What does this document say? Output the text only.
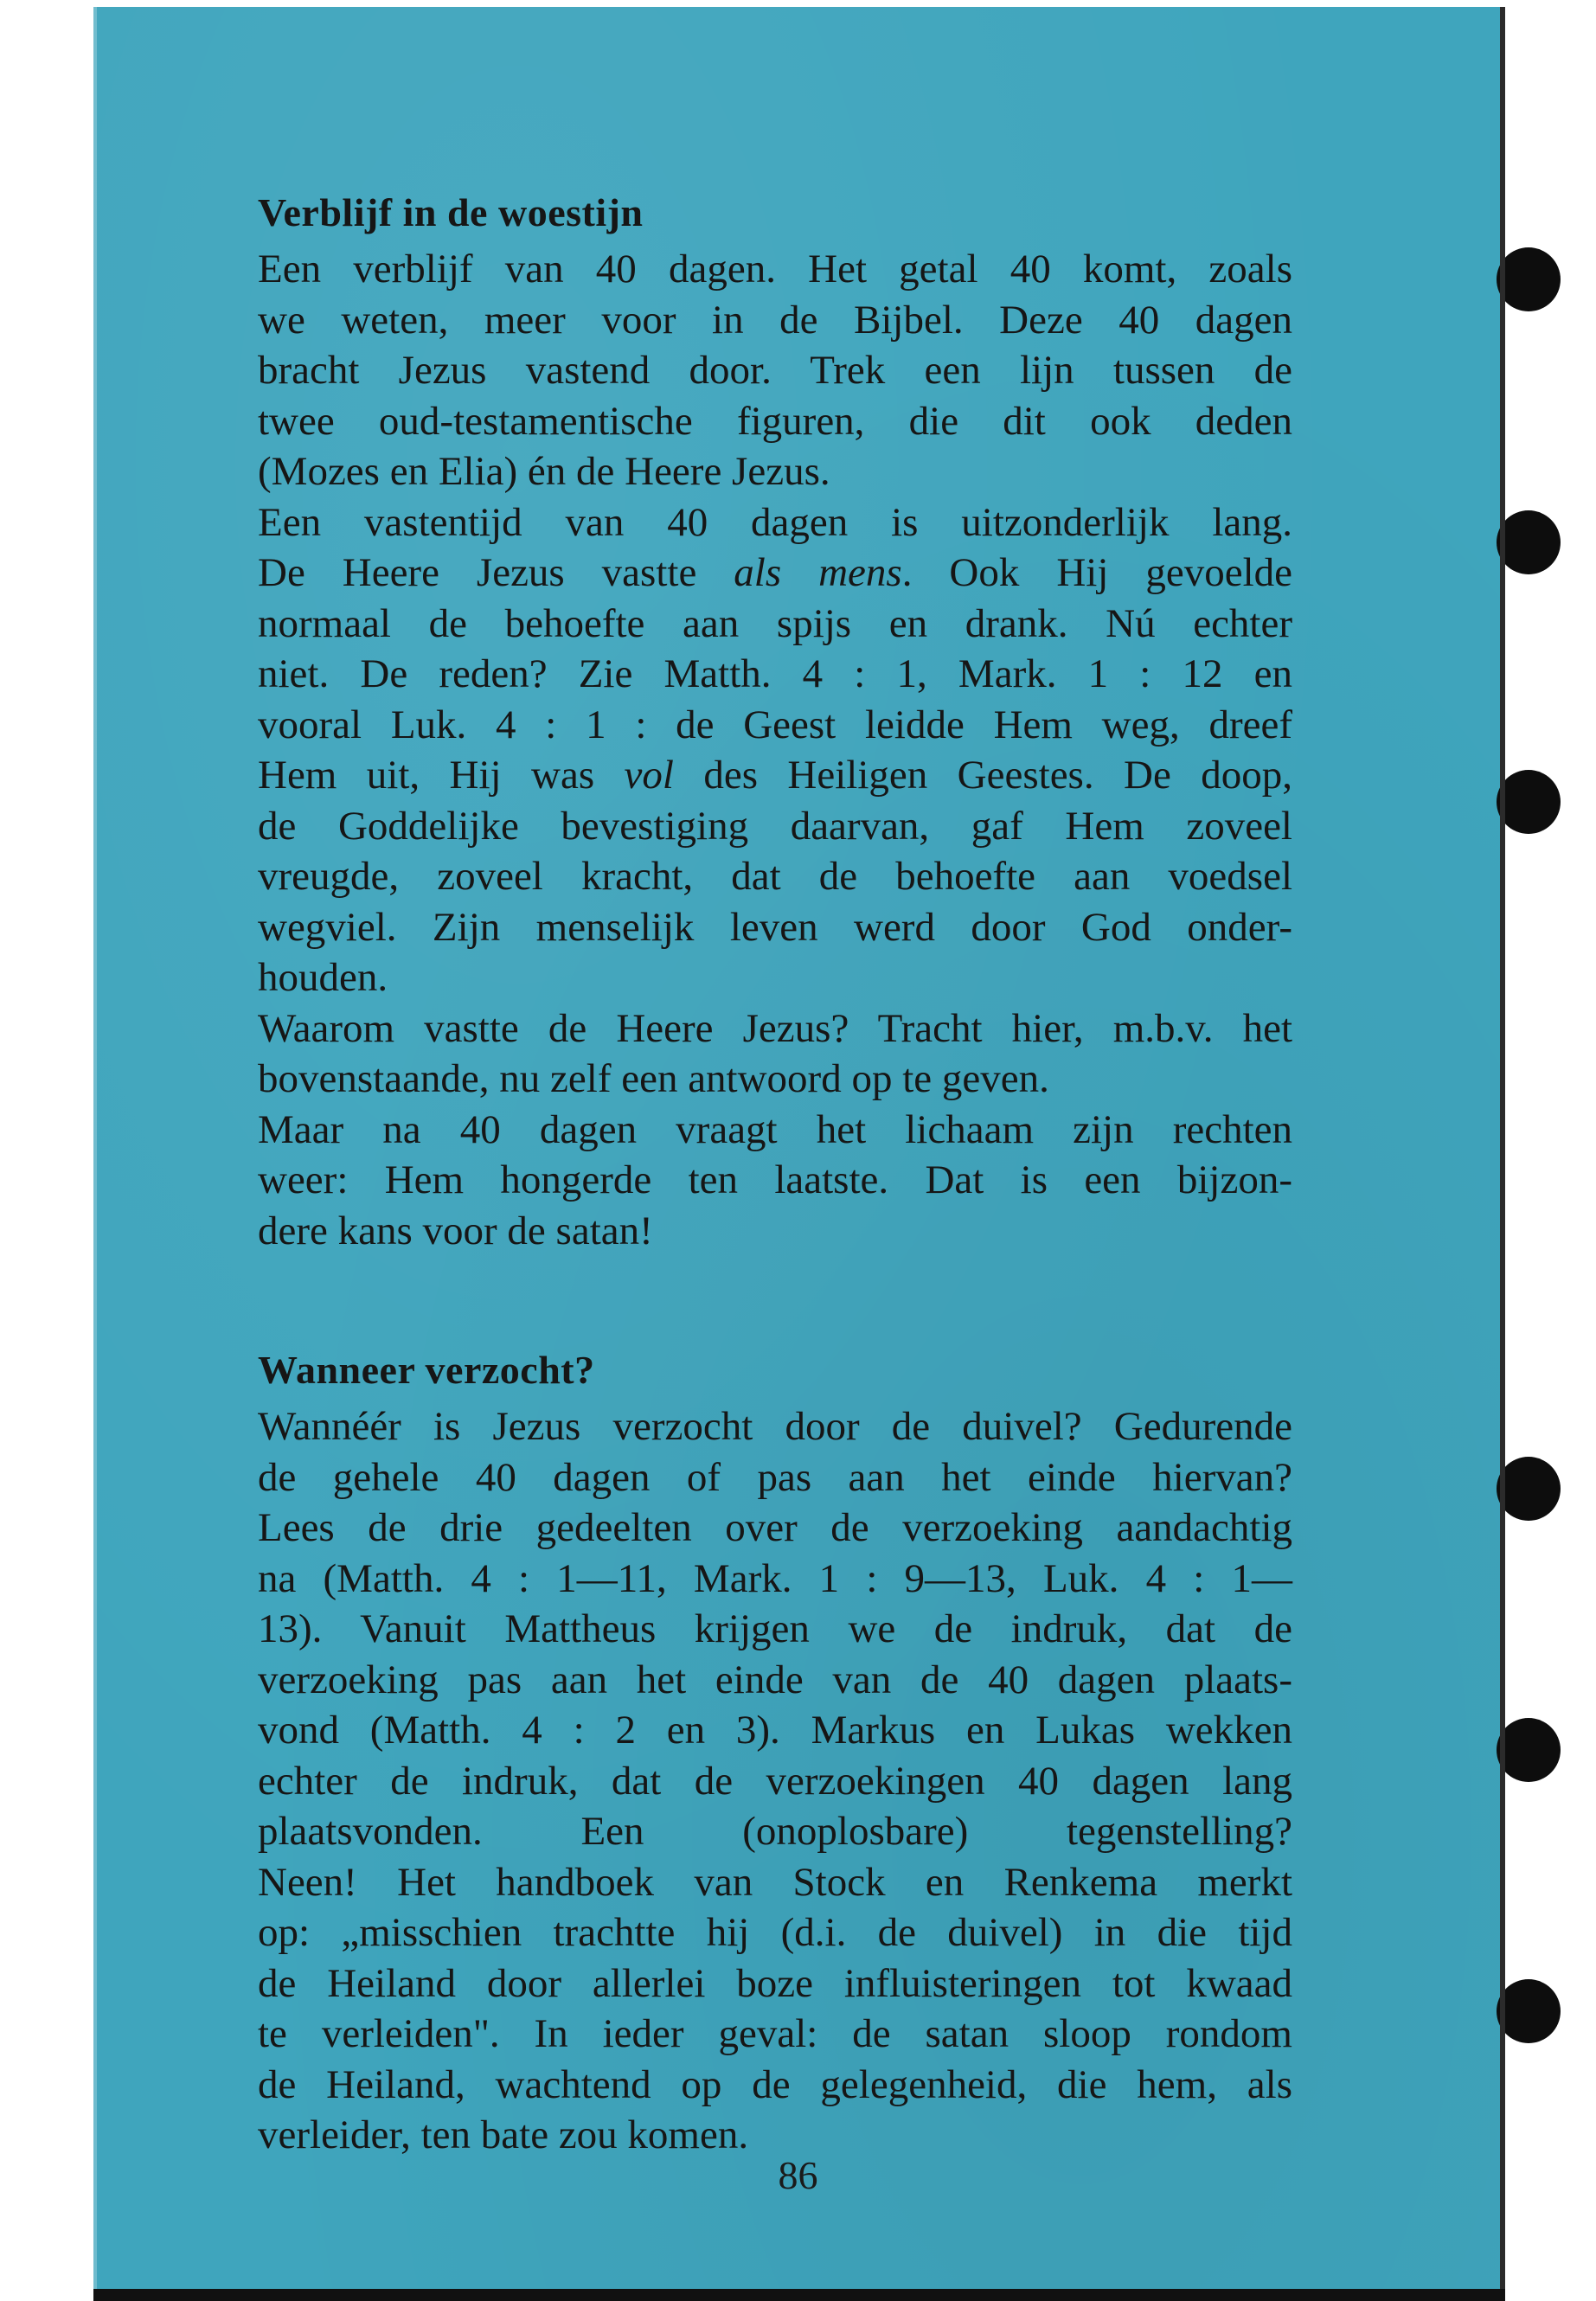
Verblijf in de woestijn
Een verblijf van 40 dagen. Het getal 40 komt, zoals
we weten, meer voor in de Bijbel. Deze 40 dagen
bracht Jezus vastend door. Trek een lijn tussen de
twee oud-testamentische figuren, die dit ook deden
(Mozes en Elia) én de Heere Jezus.
Een vastentijd van 40 dagen is uitzonderlijk lang.
De Heere Jezus vastte als mens. Ook Hij gevoelde
normaal de behoefte aan spijs en drank. Nú echter
niet. De reden? Zie Matth. 4 : 1, Mark. 1 : 12 en
vooral Luk. 4 : 1 : de Geest leidde Hem weg, dreef
Hem uit, Hij was vol des Heiligen Geestes. De doop,
de Goddelijke bevestiging daarvan, gaf Hem zoveel
vreugde, zoveel kracht, dat de behoefte aan voedsel
wegviel. Zijn menselijk leven werd door God onder-
houden.
Waarom vastte de Heere Jezus? Tracht hier, m.b.v. het
bovenstaande, nu zelf een antwoord op te geven.
Maar na 40 dagen vraagt het lichaam zijn rechten
weer: Hem hongerde ten laatste. Dat is een bijzon-
dere kans voor de satan!
Wanneer verzocht?
Wannéér is Jezus verzocht door de duivel? Gedurende
de gehele 40 dagen of pas aan het einde hiervan?
Lees de drie gedeelten over de verzoeking aandachtig
na (Matth. 4 : 1—11, Mark. 1 : 9—13, Luk. 4 : 1—
13). Vanuit Mattheus krijgen we de indruk, dat de
verzoeking pas aan het einde van de 40 dagen plaats-
vond (Matth. 4 : 2 en 3). Markus en Lukas wekken
echter de indruk, dat de verzoekingen 40 dagen lang
plaatsvonden. Een (onoplosbare) tegenstelling?
Neen! Het handboek van Stock en Renkema merkt
op: „misschien trachtte hij (d.i. de duivel) in die tijd
de Heiland door allerlei boze influisteringen tot kwaad
te verleiden". In ieder geval: de satan sloop rondom
de Heiland, wachtend op de gelegenheid, die hem, als
verleider, ten bate zou komen.
86
